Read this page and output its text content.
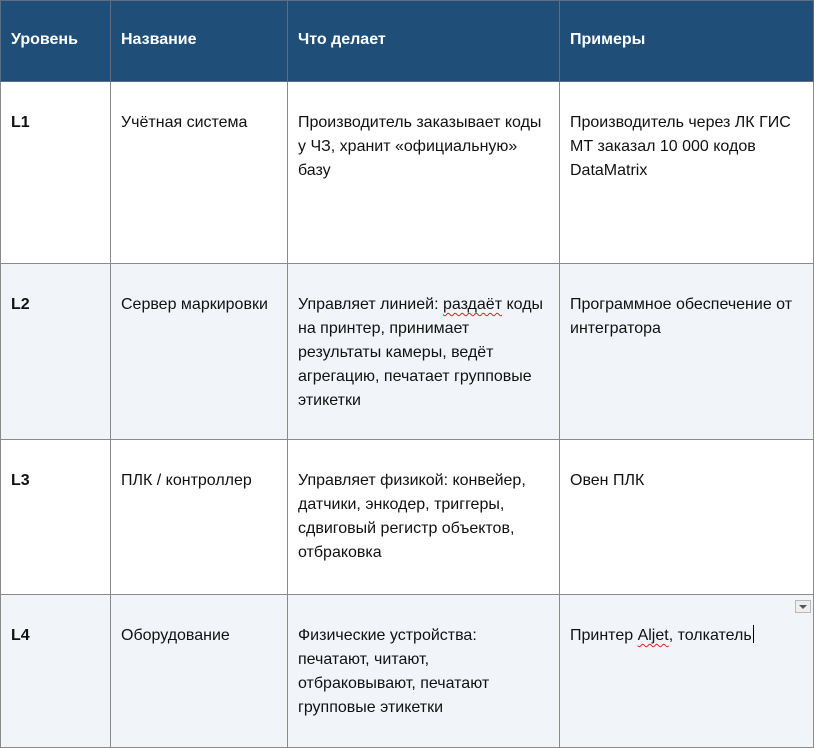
Уровень	Название	Что делает	Примеры
L1	Учётная система	Производитель заказывает коды у ЧЗ, хранит «официальную» базу	Производитель через ЛК ГИС МТ заказал 10 000 кодов DataMatrix
L2	Сервер маркировки	Управляет линией: раздаёт коды на принтер, принимает результаты камеры, ведёт агрегацию, печатает групповые этикетки	Программное обеспечение от интегратора
L3	ПЛК / контроллер	Управляет физикой: конвейер, датчики, энкодер, триггеры, сдвиговый регистр объектов, отбраковка	Овен ПЛК
L4	Оборудование	Физические устройства: печатают, читают, отбраковывают, печатают групповые этикетки	Принтер Aljet, толкатель
